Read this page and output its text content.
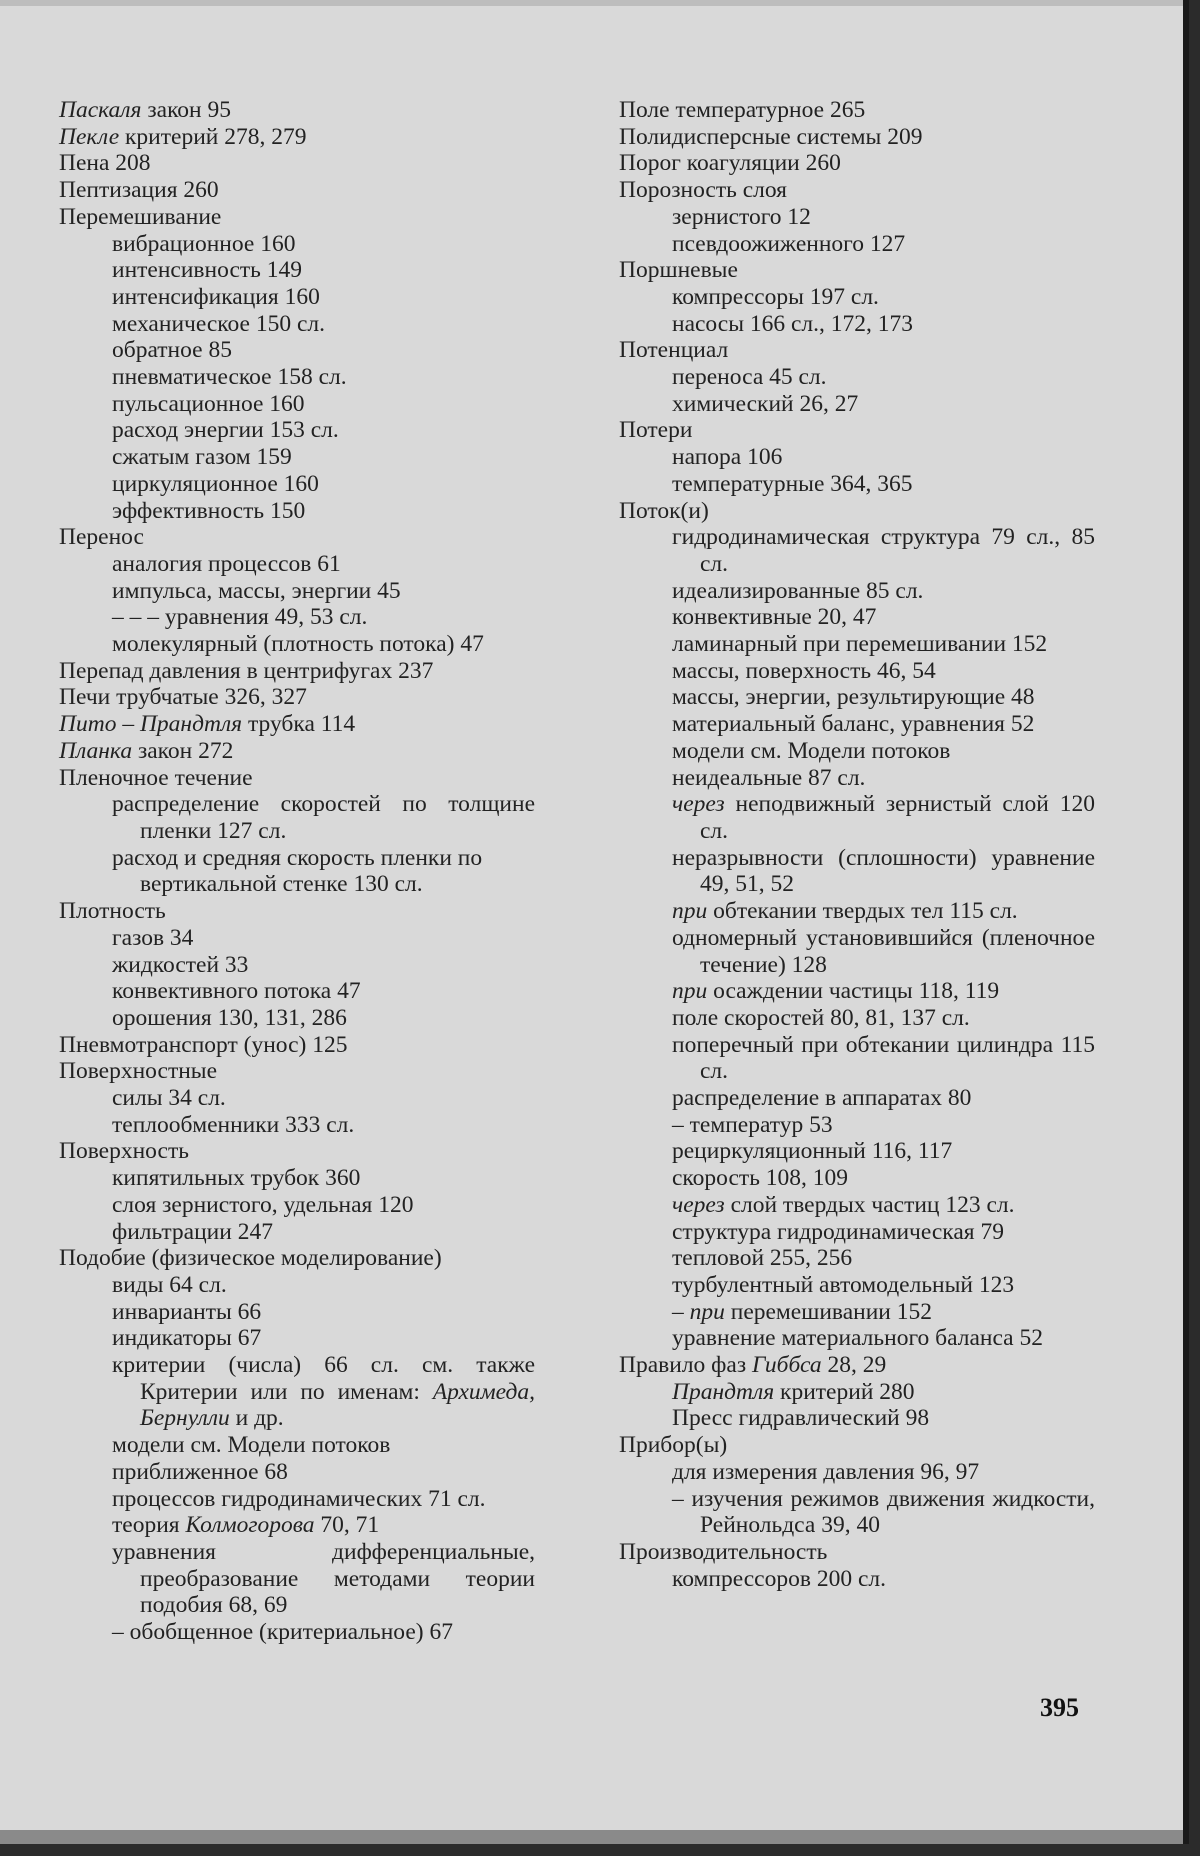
Паскаля закон 95

Пекле критерий 278, 279

Пена 208

Пептизация 260

Перемешивание

вибрационное 160

интенсивность 149

интенсификация 160

механическое 150 сл.

обратное 85

пневматическое 158 сл.

пульсационное 160

расход энергии 153 сл.

сжатым газом 159

циркуляционное 160

эффективность 150

Перенос

аналогия процессов 61

импульса, массы, энергии 45

– – – уравнения 49, 53 сл.

молекулярный (плотность потока) 47

Перепад давления в центрифугах 237

Печи трубчатые 326, 327

Пито – Прандтля трубка 114

Планка закон 272

Пленочное течение

распределение скоростей по толщине пленки 127 сл.

расход и средняя скорость пленки по вертикальной стенке 130 сл.

Плотность

газов 34

жидкостей 33

конвективного потока 47

орошения 130, 131, 286

Пневмотранспорт (унос) 125

Поверхностные

силы 34 сл.

теплообменники 333 сл.

Поверхность

кипятильных трубок 360

слоя зернистого, удельная 120

фильтрации 247

Подобие (физическое моделирование)

виды 64 сл.

инварианты 66

индикаторы 67

критерии (числа) 66 сл. см. также Критерии или по именам: Архимеда, Бернулли и др.

модели см. Модели потоков

приближенное 68

процессов гидродинамических 71 сл.

теория Колмогорова 70, 71

уравнения дифференциальные, преобразование методами теории подобия 68, 69

– обобщенное (критериальное) 67

Поле температурное 265

Полидисперсные системы 209

Порог коагуляции 260

Порозность слоя

зернистого 12

псевдоожиженного 127

Поршневые

компрессоры 197 сл.

насосы 166 сл., 172, 173

Потенциал

переноса 45 сл.

химический 26, 27

Потери

напора 106

температурные 364, 365

Поток(и)

гидродинамическая структура 79 сл., 85 сл.

идеализированные 85 сл.

конвективные 20, 47

ламинарный при перемешивании 152

массы, поверхность 46, 54

массы, энергии, результирующие 48

материальный баланс, уравнения 52

модели см. Модели потоков

неидеальные 87 сл.

через неподвижный зернистый слой 120 сл.

неразрывности (сплошности) уравнение 49, 51, 52

при обтекании твердых тел 115 сл.

одномерный установившийся (пленочное течение) 128

при осаждении частицы 118, 119

поле скоростей 80, 81, 137 сл.

поперечный при обтекании цилиндра 115 сл.

распределение в аппаратах 80

– температур 53

рециркуляционный 116, 117

скорость 108, 109

через слой твердых частиц 123 сл.

структура гидродинамическая 79

тепловой 255, 256

турбулентный автомодельный 123

– при перемешивании 152

уравнение материального баланса 52

Правило фаз Гиббса 28, 29

Прандтля критерий 280

Пресс гидравлический 98

Прибор(ы)

для измерения давления 96, 97

– изучения режимов движения жидкости, Рейнольдса 39, 40

Производительность

компрессоров 200 сл.

395
